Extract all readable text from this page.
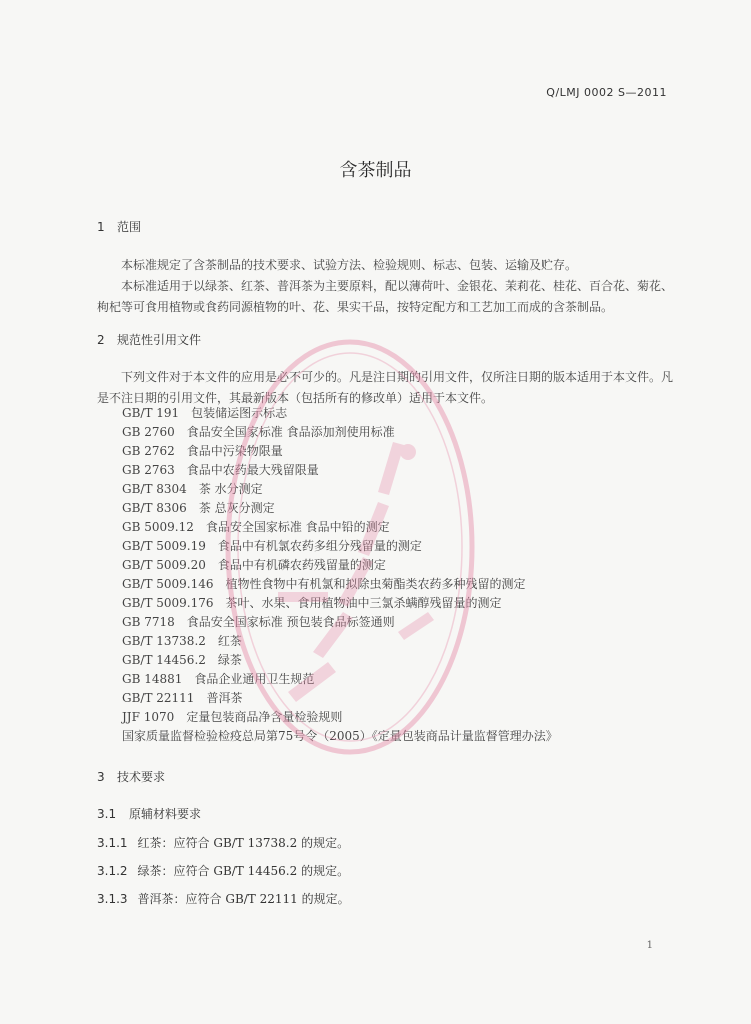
Q/LMJ 0002 S—2011
含茶制品
1 范围
本标准规定了含茶制品的技术要求、试验方法、检验规则、标志、包装、运输及贮存。
本标准适用于以绿茶、红茶、普洱茶为主要原料，配以薄荷叶、金银花、茉莉花、桂花、百合花、菊花、枸杞等可食用植物或食药同源植物的叶、花、果实干品，按特定配方和工艺加工而成的含茶制品。
2 规范性引用文件
下列文件对于本文件的应用是必不可少的。凡是注日期的引用文件，仅所注日期的版本适用于本文件。凡是不注日期的引用文件，其最新版本（包括所有的修改单）适用于本文件。
GB/T 191 包装储运图示标志
GB 2760 食品安全国家标准 食品添加剂使用标准
GB 2762 食品中污染物限量
GB 2763 食品中农药最大残留限量
GB/T 8304 茶 水分测定
GB/T 8306 茶 总灰分测定
GB 5009.12 食品安全国家标准 食品中铅的测定
GB/T 5009.19 食品中有机氯农药多组分残留量的测定
GB/T 5009.20 食品中有机磷农药残留量的测定
GB/T 5009.146 植物性食物中有机氯和拟除虫菊酯类农药多种残留的测定
GB/T 5009.176 茶叶、水果、食用植物油中三氯杀螨醇残留量的测定
GB 7718 食品安全国家标准 预包装食品标签通则
GB/T 13738.2 红茶
GB/T 14456.2 绿茶
GB 14881 食品企业通用卫生规范
GB/T 22111 普洱茶
JJF 1070 定量包装商品净含量检验规则
国家质量监督检验检疫总局第75号令（2005）《定量包装商品计量监督管理办法》
3 技术要求
3.1 原辅材料要求
3.1.1 红茶：应符合 GB/T 13738.2 的规定。
3.1.2 绿茶：应符合 GB/T 14456.2 的规定。
3.1.3 普洱茶：应符合 GB/T 22111 的规定。
1
